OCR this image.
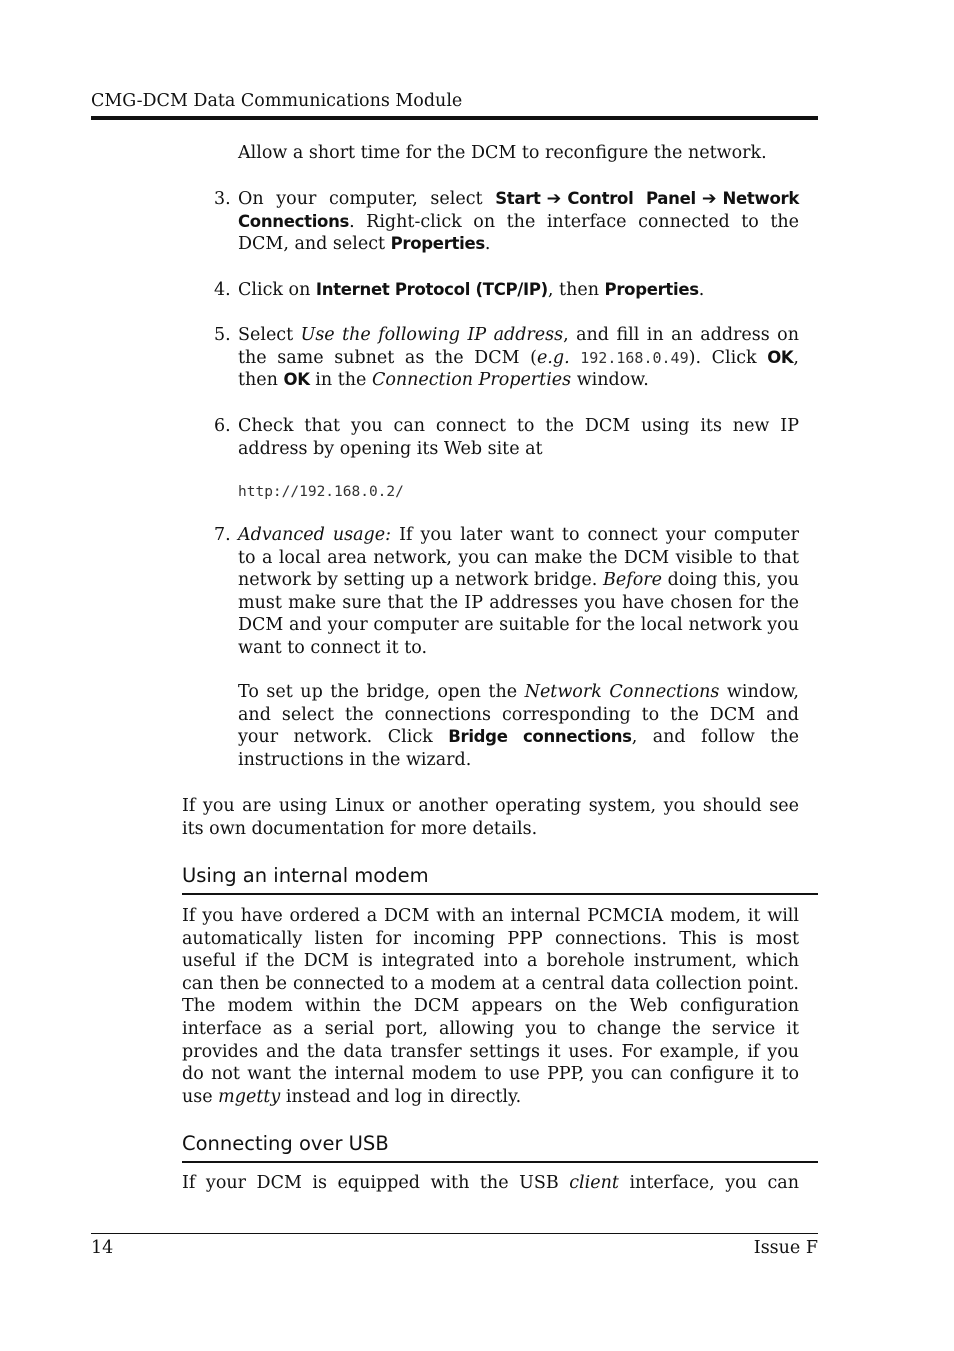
CMG-DCM Data Communications Module

Allow a short time for the DCM to reconfigure the network.

3. On your computer, select Start ➔ Control Panel ➔ Network Connections. Right-click on the interface connected to the DCM, and select Properties.

4. Click on Internet Protocol (TCP/IP), then Properties.

5. Select Use the following IP address, and fill in an address on the same subnet as the DCM (e.g. 192.168.0.49). Click OK, then OK in the Connection Properties window.

6. Check that you can connect to the DCM using its new IP address by opening its Web site at

http://192.168.0.2/
7. Advanced usage: If you later want to connect your computer to a local area network, you can make the DCM visible to that network by setting up a network bridge. Before doing this, you must make sure that the IP addresses you have chosen for the DCM and your computer are suitable for the local network you want to connect it to.

To set up the bridge, open the Network Connections window, and select the connections corresponding to the DCM and your network. Click Bridge connections, and follow the instructions in the wizard.

If you are using Linux or another operating system, you should see its own documentation for more details.

Using an internal modem

If you have ordered a DCM with an internal PCMCIA modem, it will automatically listen for incoming PPP connections. This is most useful if the DCM is integrated into a borehole instrument, which can then be connected to a modem at a central data collection point. The modem within the DCM appears on the Web configuration interface as a serial port, allowing you to change the service it provides and the data transfer settings it uses. For example, if you do not want the internal modem to use PPP, you can configure it to use mgetty instead and log in directly.

Connecting over USB

If your DCM is equipped with the USB client interface, you can

14	Issue F
